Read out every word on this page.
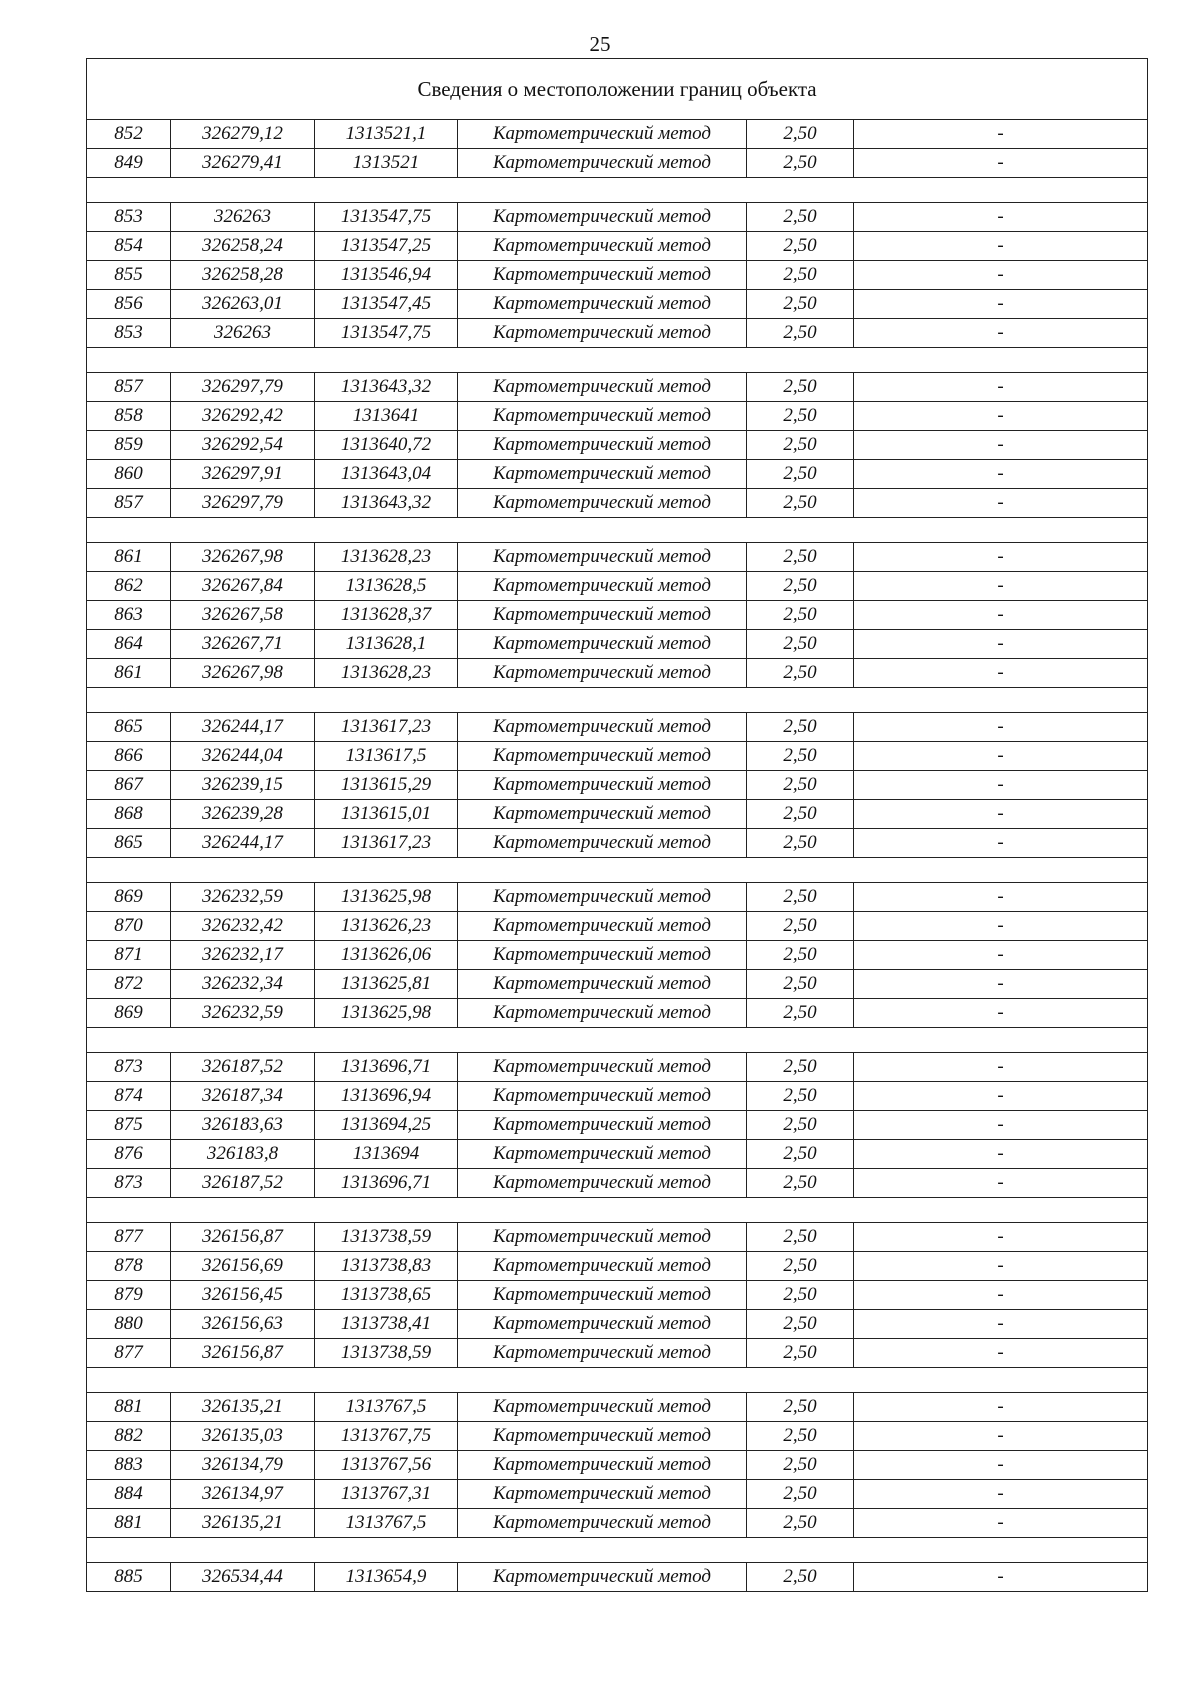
25
Сведения о местоположении границ объекта					
852	326279,12	1313521,1	Картометрический метод	2,50	-
849	326279,41	1313521	Картометрический метод	2,50	-

853	326263	1313547,75	Картометрический метод	2,50	-
854	326258,24	1313547,25	Картометрический метод	2,50	-
855	326258,28	1313546,94	Картометрический метод	2,50	-
856	326263,01	1313547,45	Картометрический метод	2,50	-
853	326263	1313547,75	Картометрический метод	2,50	-

857	326297,79	1313643,32	Картометрический метод	2,50	-
858	326292,42	1313641	Картометрический метод	2,50	-
859	326292,54	1313640,72	Картометрический метод	2,50	-
860	326297,91	1313643,04	Картометрический метод	2,50	-
857	326297,79	1313643,32	Картометрический метод	2,50	-

861	326267,98	1313628,23	Картометрический метод	2,50	-
862	326267,84	1313628,5	Картометрический метод	2,50	-
863	326267,58	1313628,37	Картометрический метод	2,50	-
864	326267,71	1313628,1	Картометрический метод	2,50	-
861	326267,98	1313628,23	Картометрический метод	2,50	-

865	326244,17	1313617,23	Картометрический метод	2,50	-
866	326244,04	1313617,5	Картометрический метод	2,50	-
867	326239,15	1313615,29	Картометрический метод	2,50	-
868	326239,28	1313615,01	Картометрический метод	2,50	-
865	326244,17	1313617,23	Картометрический метод	2,50	-

869	326232,59	1313625,98	Картометрический метод	2,50	-
870	326232,42	1313626,23	Картометрический метод	2,50	-
871	326232,17	1313626,06	Картометрический метод	2,50	-
872	326232,34	1313625,81	Картометрический метод	2,50	-
869	326232,59	1313625,98	Картометрический метод	2,50	-

873	326187,52	1313696,71	Картометрический метод	2,50	-
874	326187,34	1313696,94	Картометрический метод	2,50	-
875	326183,63	1313694,25	Картометрический метод	2,50	-
876	326183,8	1313694	Картометрический метод	2,50	-
873	326187,52	1313696,71	Картометрический метод	2,50	-

877	326156,87	1313738,59	Картометрический метод	2,50	-
878	326156,69	1313738,83	Картометрический метод	2,50	-
879	326156,45	1313738,65	Картометрический метод	2,50	-
880	326156,63	1313738,41	Картометрический метод	2,50	-
877	326156,87	1313738,59	Картометрический метод	2,50	-

881	326135,21	1313767,5	Картометрический метод	2,50	-
882	326135,03	1313767,75	Картометрический метод	2,50	-
883	326134,79	1313767,56	Картометрический метод	2,50	-
884	326134,97	1313767,31	Картометрический метод	2,50	-
881	326135,21	1313767,5	Картометрический метод	2,50	-

885	326534,44	1313654,9	Картометрический метод	2,50	-
